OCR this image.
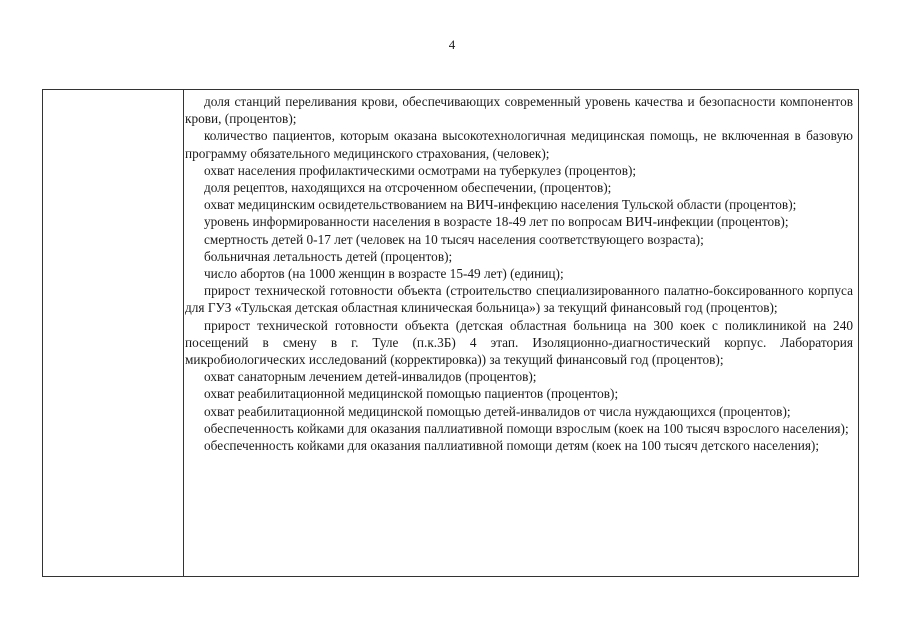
4

доля станций переливания крови, обеспечивающих современный уровень качества и безопасности компонентов крови, (процентов);

количество пациентов, которым оказана высокотехнологичная медицинская помощь, не включенная в базовую программу обязательного медицинского страхования, (человек);

охват населения профилактическими осмотрами на туберкулез (процентов);

доля рецептов, находящихся на отсроченном обеспечении, (процентов);

охват медицинским освидетельствованием на ВИЧ-инфекцию населения Тульской области (процентов);

уровень информированности населения в возрасте 18-49 лет по вопросам ВИЧ-инфекции (процентов);

смертность детей 0-17 лет (человек на 10 тысяч населения соответствующего возраста);

больничная летальность детей (процентов);

число абортов (на 1000 женщин в возрасте 15-49 лет) (единиц);

прирост технической готовности объекта (строительство специализированного палатно-боксированного корпуса для ГУЗ «Тульская детская областная клиническая больница») за текущий финансовый год (процентов);

прирост технической готовности объекта (детская областная больница на 300 коек с поликлиникой на 240 посещений в смену в г. Туле (п.к.3Б) 4 этап. Изоляционно-диагностический корпус. Лаборатория микробиологических исследований (корректировка)) за текущий финансовый год (процентов);

охват санаторным лечением детей-инвалидов (процентов);

охват реабилитационной медицинской помощью пациентов (процентов);

охват реабилитационной медицинской помощью детей-инвалидов от числа нуждающихся (процентов);

обеспеченность койками для оказания паллиативной помощи взрослым (коек на 100 тысяч взрослого населения);

обеспеченность койками для оказания паллиативной помощи детям (коек на 100 тысяч детского населения);
